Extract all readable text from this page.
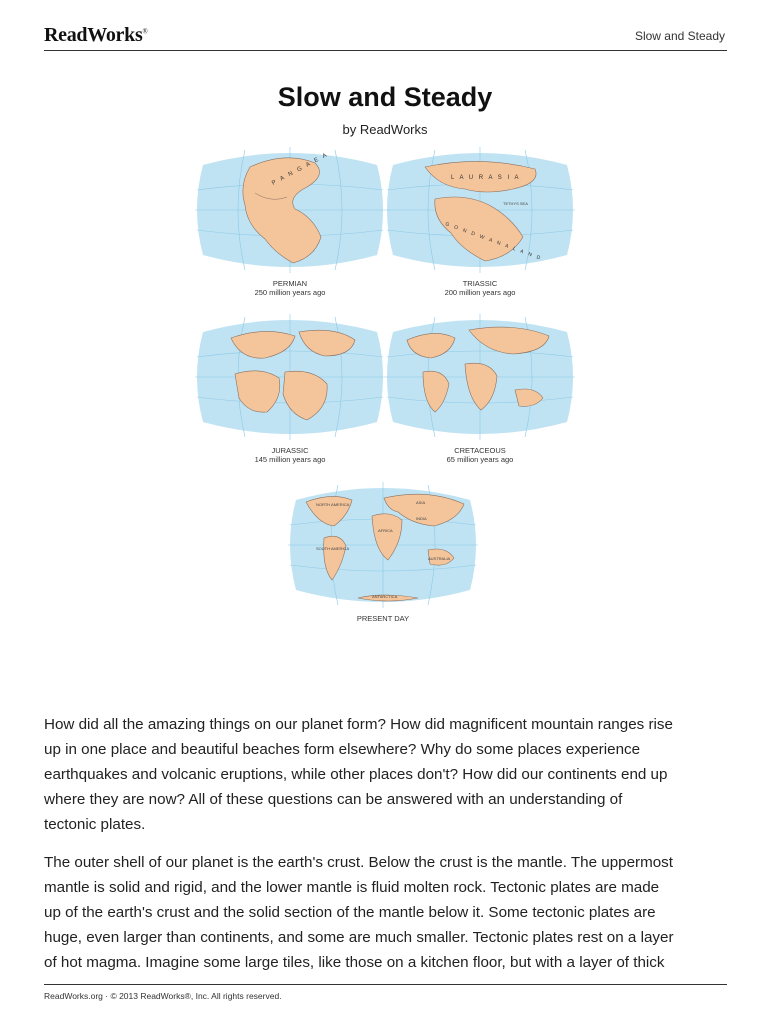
ReadWorks®	Slow and Steady
Slow and Steady
by ReadWorks
P A N G A E A
PERMIAN
250 million years ago
L A U R A S I A
TETHYS SEA
G O N D W A N A L A N D
TRIASSIC
200 million years ago
JURASSIC
145 million years ago
CRETACEOUS
65 million years ago
NORTH AMERICA	ASIA
INDIA
AFRICA
SOUTH AMERICA
AUSTRALIA
ANTARCTICA
PRESENT DAY

How did all the amazing things on our planet form? How did magnificent mountain ranges rise
up in one place and beautiful beaches form elsewhere? Why do some places experience
earthquakes and volcanic eruptions, while other places don't? How did our continents end up
where they are now? All of these questions can be answered with an understanding of
tectonic plates.

The outer shell of our planet is the earth's crust. Below the crust is the mantle. The uppermost
mantle is solid and rigid, and the lower mantle is fluid molten rock. Tectonic plates are made
up of the earth's crust and the solid section of the mantle below it. Some tectonic plates are
huge, even larger than continents, and some are much smaller. Tectonic plates rest on a layer
of hot magma. Imagine some large tiles, like those on a kitchen floor, but with a layer of thick

ReadWorks.org · © 2013 ReadWorks®, Inc. All rights reserved.
